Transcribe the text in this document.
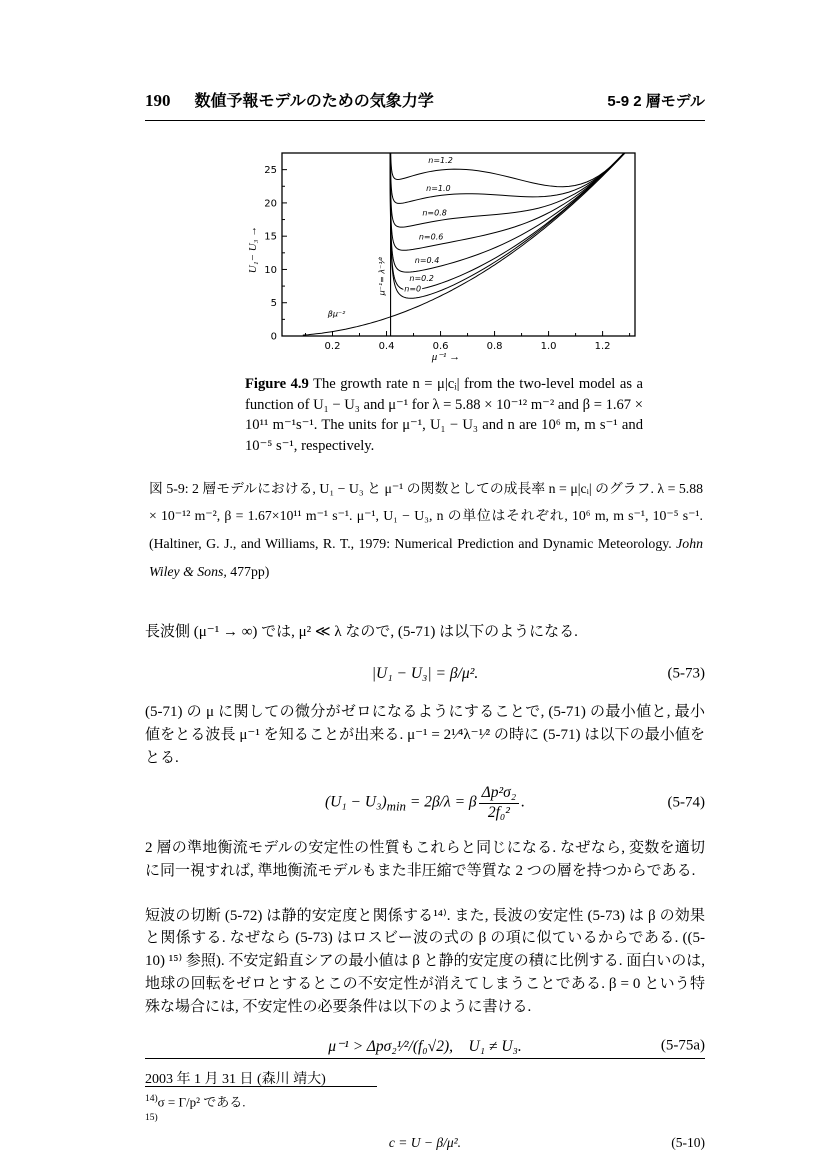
190 数値予報モデルのための気象力学	5-9 2 層モデル
0.2	0.4	0.6	0.8	1.0	1.2
0
5
10
15
20
25
n=0
n=0.2
n=0.4
n=0.6
n=0.8
n=1.0
n=1.2
βμ⁻²
μ⁻¹= λ⁻¹⁄²
μ⁻¹ →
U₁− U₃ →

Figure 4.9 The growth rate n = μ|cᵢ| from the two-level model as a function of U₁ − U₃ and μ⁻¹ for λ = 5.88 × 10⁻¹² m⁻² and β = 1.67 × 10¹¹ m⁻¹s⁻¹. The units for μ⁻¹, U₁ − U₃ and n are 10⁶ m, m s⁻¹ and 10⁻⁵ s⁻¹, respectively.

図 5-9: 2 層モデルにおける, U₁ − U₃ と μ⁻¹ の関数としての成長率 n = μ|cᵢ| のグラフ. λ = 5.88 × 10⁻¹² m⁻², β = 1.67×10¹¹ m⁻¹ s⁻¹. μ⁻¹, U₁ − U₃, n の単位はそれぞれ, 10⁶ m, m s⁻¹, 10⁻⁵ s⁻¹. (Haltiner, G. J., and Williams, R. T., 1979: Numerical Prediction and Dynamic Meteorology. John Wiley & Sons, 477pp)

長波側 (μ⁻¹ → ∞) では, μ² ≪ λ なので, (5-71) は以下のようになる.

|U₁ − U₃| = β/μ².	(5-73)

(5-71) の μ に関しての微分がゼロになるようにすることで, (5-71) の最小値と, 最小値をとる波長 μ⁻¹ を知ることが出来る. μ⁻¹ = 2¹⁄⁴λ⁻¹⁄² の時に (5-71) は以下の最小値をとる.

$(U_1 - U_3)_{min} = 2\beta/\lambda = \beta \frac{\text{Δp²σ₂}}{\text{2f₀²}}$ .	(5-74)

2 層の準地衡流モデルの安定性の性質もこれらと同じになる. なぜなら, 変数を適切に同一視すれば, 準地衡流モデルもまた非圧縮で等質な 2 つの層を持つからである.

短波の切断 (5-72) は静的安定度と関係する¹⁴⁾. また, 長波の安定性 (5-73) は β の効果と関係する. なぜなら (5-73) はロスビー波の式の β の項に似ているからである. ((5-10) ¹⁵⁾ 参照). 不安定鉛直シアの最小値は β と静的安定度の積に比例する. 面白いのは, 地球の回転をゼロとするとこの不安定性が消えてしまうことである. β = 0 という特殊な場合には, 不安定性の必要条件は以下のように書ける.

μ⁻¹ > Δpσ₂¹⁄²/(f₀√2), U₁ ≠ U₃.	(5-75a)
$^{14)}$σ = Γ/p² である.
$^{15)}$
c = U − β/μ².	(5-10)
2003 年 1 月 31 日 (森川 靖大)
